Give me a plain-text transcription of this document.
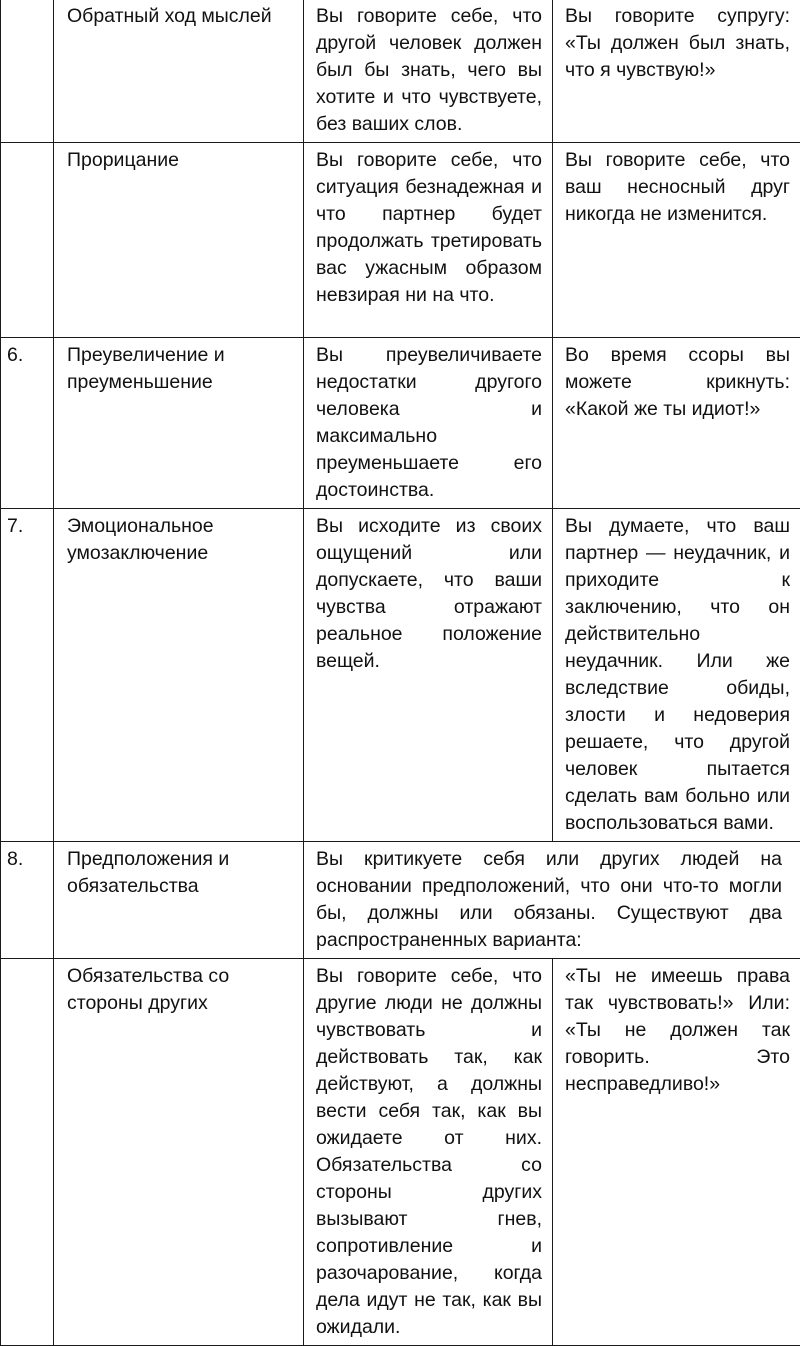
	Обратный ход мыслей	Вы говорите себе, что другой человек должен был бы знать, чего вы хотите и что чувствуете, без ваших слов.	Вы говорите супругу: «Ты должен был знать, что я чувствую!»
	Прорицание	Вы говорите себе, что ситуация безнадежная и что партнер будет продолжать третировать вас ужасным образом невзирая ни на что.	Вы говорите себе, что ваш несносный друг никогда не изменится.
6.	Преувеличение и преуменьшение	Вы преувеличиваете недостатки другого человека и максимально преуменьшаете его достоинства.	Во время ссоры вы можете крикнуть: «Какой же ты идиот!»
7.	Эмоциональное умозаключение	Вы исходите из своих ощущений или допускаете, что ваши чувства отражают реальное положение вещей.	Вы думаете, что ваш партнер — неудачник, и приходите к заключению, что он действительно неудачник. Или же вследствие обиды, злости и недоверия решаете, что другой человек пытается сделать вам больно или воспользоваться вами.
8.	Предположения и обязательства	Вы критикуете себя или других людей на основании предположений, что они что-то могли бы, должны или обязаны. Существуют два распространенных варианта:	
	Обязательства со стороны других	Вы говорите себе, что другие люди не должны чувствовать и действовать так, как действуют, а должны вести себя так, как вы ожидаете от них. Обязательства со стороны других вызывают гнев, сопротивление и разочарование, когда дела идут не так, как вы ожидали.	«Ты не имеешь права так чувствовать!» Или: «Ты не должен так говорить. Это несправедливо!»
